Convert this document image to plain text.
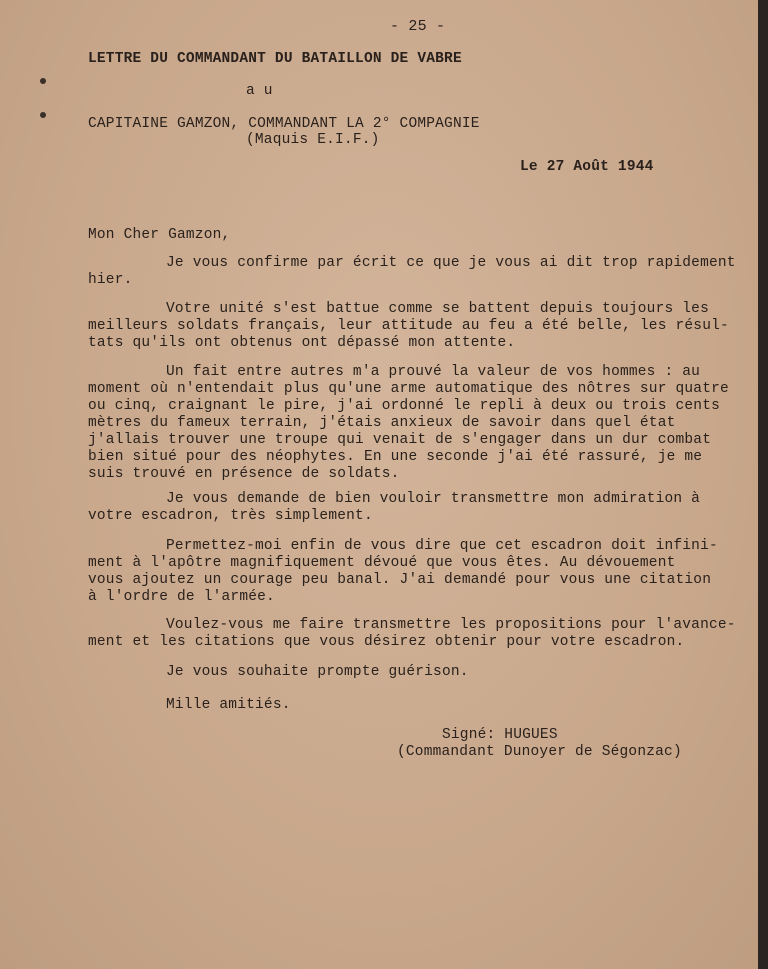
- 25 -
LETTRE DU COMMANDANT DU BATAILLON DE VABRE
a u
CAPITAINE GAMZON, COMMANDANT LA 2° COMPAGNIE
(Maquis E.I.F.)
Le 27 Août 1944
Mon Cher Gamzon,
Je vous confirme par écrit ce que je vous ai dit trop rapidement
hier.
Votre unité s'est battue comme se battent depuis toujours les
meilleurs soldats français, leur attitude au feu a été belle, les résul-
tats qu'ils ont obtenus ont dépassé mon attente.
Un fait entre autres m'a prouvé la valeur de vos hommes : au
moment où n'entendait plus qu'une arme automatique des nôtres sur quatre
ou cinq, craignant le pire, j'ai ordonné le repli à deux ou trois cents
mètres du fameux terrain, j'étais anxieux de savoir dans quel état
j'allais trouver une troupe qui venait de s'engager dans un dur combat
bien situé pour des néophytes. En une seconde j'ai été rassuré, je me
suis trouvé en présence de soldats.
Je vous demande de bien vouloir transmettre mon admiration à
votre escadron, très simplement.
Permettez-moi enfin de vous dire que cet escadron doit infini-
ment à l'apôtre magnifiquement dévoué que vous êtes. Au dévouement
vous ajoutez un courage peu banal. J'ai demandé pour vous une citation
à l'ordre de l'armée.
Voulez-vous me faire transmettre les propositions pour l'avance-
ment et les citations que vous désirez obtenir pour votre escadron.
Je vous souhaite prompte guérison.
Mille amitiés.
Signé: HUGUES
(Commandant Dunoyer de Ségonzac)
